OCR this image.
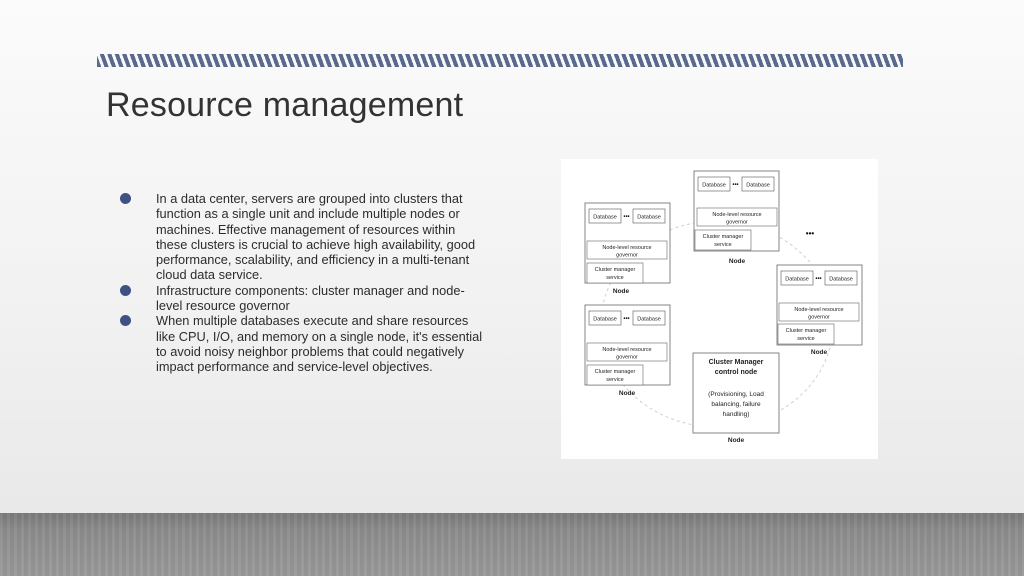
Resource management
In a data center, servers are grouped into clusters that function as a single unit and include multiple nodes or machines. Effective management of resources within these clusters is crucial to achieve high availability, good performance, scalability, and efficiency in a multi-tenant cloud data service.
Infrastructure components: cluster manager and node-level resource governor
When multiple databases execute and share resources like CPU, I/O, and memory on a single node, it's essential to avoid noisy neighbor problems that could negatively impact performance and service-level objectives.
Database ••• Database
Node-level resource
governor
Cluster manager
service
Node
Database ••• Database
Node-level resource
governor
Cluster manager
service
Node
Database ••• Database
Node-level resource
governor
Cluster manager
service
Node
Database ••• Database
Node-level resource
governor
Cluster manager
service
Node
Cluster Manager
control node
(Provisioning, Load
balancing, failure
handling)
Node
•••
